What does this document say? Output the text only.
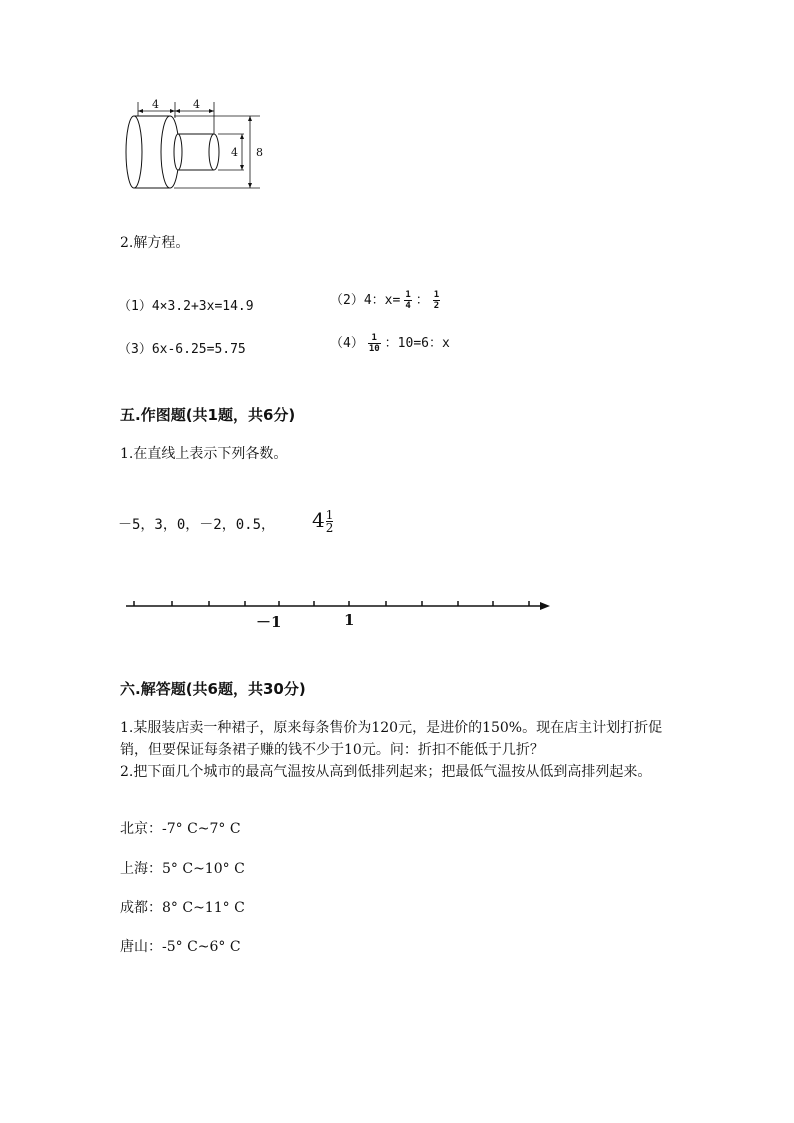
4	4
4 8
2.解方程。
（1）4×3.2+3x=14.9	（2）4：$x= \frac{1}{4}$ ： $\frac{1}{2}$
（3）6x-6.25=5.75	$(4) \frac{1}{10}$ ：10=6：x
五.作图题(共1题，共6分)
1.在直线上表示下列各数。
－5，3，0，－2，0.5， $4 \frac{1}{2}$
－1	1
六.解答题(共6题，共30分)
1.某服装店卖一种裙子，原来每条售价为120元，是进价的150%。现在店主计划打折促销，但要保证每条裙子赚的钱不少于10元。问：折扣不能低于几折？
2.把下面几个城市的最高气温按从高到低排列起来；把最低气温按从低到高排列起来。
北京：-7° C~7° C
上海：5° C~10° C
成都：8° C~11° C
唐山：-5° C~6° C
